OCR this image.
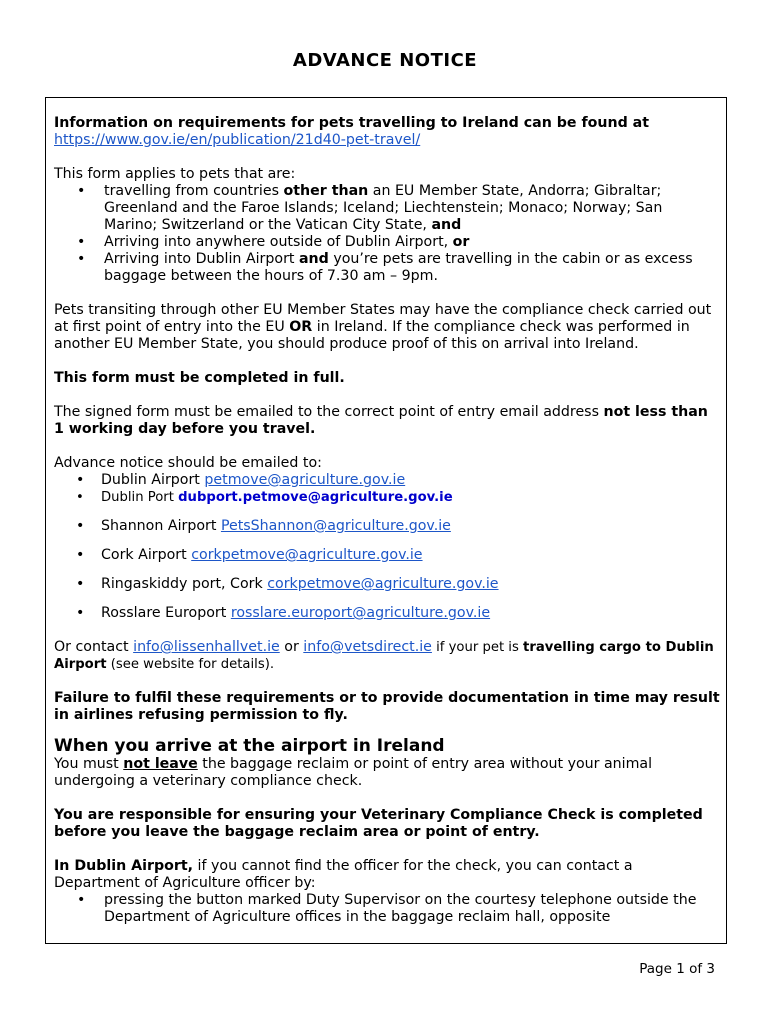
ADVANCE NOTICE

Information on requirements for pets travelling to Ireland can be found at

https://www.gov.ie/en/publication/21d40-pet-travel/

This form applies to pets that are:

• travelling from countries other than an EU Member State, Andorra; Gibraltar; Greenland and the Faroe Islands; Iceland; Liechtenstein; Monaco; Norway; San Marino; Switzerland or the Vatican City State, and
• Arriving into anywhere outside of Dublin Airport, or
• Arriving into Dublin Airport and you’re pets are travelling in the cabin or as excess baggage between the hours of 7.30 am – 9pm.

Pets transiting through other EU Member States may have the compliance check carried out at first point of entry into the EU OR in Ireland. If the compliance check was performed in another EU Member State, you should produce proof of this on arrival into Ireland.

This form must be completed in full.

The signed form must be emailed to the correct point of entry email address not less than 1 working day before you travel.

Advance notice should be emailed to:

• Dublin Airport petmove@agriculture.gov.ie
• Dublin Port dubport.petmove@agriculture.gov.ie
• Shannon Airport PetsShannon@agriculture.gov.ie
• Cork Airport corkpetmove@agriculture.gov.ie
• Ringaskiddy port, Cork corkpetmove@agriculture.gov.ie
• Rosslare Europort rosslare.europort@agriculture.gov.ie

Or contact info@lissenhallvet.ie or info@vetsdirect.ie if your pet is travelling cargo to Dublin Airport (see website for details).

Failure to fulfil these requirements or to provide documentation in time may result in airlines refusing permission to fly.

When you arrive at the airport in Ireland

You must not leave the baggage reclaim or point of entry area without your animal undergoing a veterinary compliance check.

You are responsible for ensuring your Veterinary Compliance Check is completed before you leave the baggage reclaim area or point of entry.

In Dublin Airport, if you cannot find the officer for the check, you can contact a Department of Agriculture officer by:

• pressing the button marked Duty Supervisor on the courtesy telephone outside the Department of Agriculture offices in the baggage reclaim hall, opposite
Page 1 of 3
